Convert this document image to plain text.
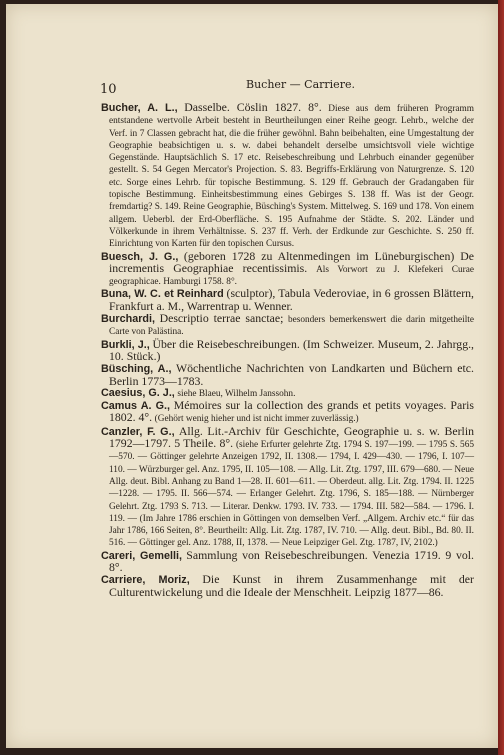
10	Bucher — Carriere.

Bucher, A. L., Dasselbe. Cöslin 1827. 8°. Diese aus dem früheren Programm entstandene wertvolle Arbeit besteht in Beurtheilungen einer Reihe geogr. Lehrb., welche der Verf. in 7 Classen gebracht hat, die die früher gewöhnl. Bahn beibehalten, eine Umgestaltung der Geographie beabsichtigen u. s. w. dabei behandelt derselbe umsichtsvoll viele wichtige Gegenstände. Hauptsächlich S. 17 etc. Reisebeschreibung und Lehrbuch einander gegenüber gestellt. S. 54 Gegen Mercator's Projection. S. 83. Begriffs-Erklärung von Naturgrenze. S. 120 etc. Sorge eines Lehrb. für topische Bestimmung. S. 129 ff. Gebrauch der Gradangaben für topische Bestimmung. Einheitsbestimmung eines Gebirges S. 138 ff. Was ist der Geogr. fremdartig? S. 149. Reine Geographie, Büsching's System. Mittelweg. S. 169 und 178. Von einem allgem. Ueberbl. der Erd-Oberfläche. S. 195 Aufnahme der Städte. S. 202. Länder und Völkerkunde in ihrem Verhältnisse. S. 237 ff. Verh. der Erdkunde zur Geschichte. S. 250 ff. Einrichtung von Karten für den topischen Cursus.

Buesch, J. G., (geboren 1728 zu Altenmedingen im Lüneburgischen) De incrementis Geographiae recentissimis. Als Vorwort zu J. Klefekeri Curae geographicae. Hamburgi 1758. 8°.

Buna, W. C. et Reinhard (sculptor), Tabula Vederoviae, in 6 grossen Blättern, Frankfurt a. M., Warrentrap u. Wenner.

Burchardi, Descriptio terrae sanctae; besonders bemerkenswert die darin mitgetheilte Carte von Palästina.

Burkli, J., Über die Reisebeschreibungen. (Im Schweizer. Museum, 2. Jahrgg., 10. Stück.)

Büsching, A., Wöchentliche Nachrichten von Landkarten und Büchern etc. Berlin 1773—1783.

Caesius, G. J., siehe Blaeu, Wilhelm Janssohn.

Camus A. G., Mémoires sur la collection des grands et petits voyages. Paris 1802. 4°. (Gehört wenig hieher und ist nicht immer zuverlässig.)

Canzler, F. G., Allg. Lit.-Archiv für Geschichte, Geographie u. s. w. Berlin 1792—1797. 5 Theile. 8°. (siehe Erfurter gelehrte Ztg. 1794 S. 197—199. — 1795 S. 565—570. — Göttinger gelehrte Anzeigen 1792, II. 1308.— 1794, I. 429—430. — 1796, I. 107—110. — Würzburger gel. Anz. 1795, II. 105—108. — Allg. Lit. Ztg. 1797, III. 679—680. — Neue Allg. deut. Bibl. Anhang zu Band 1—28. II. 601—611. — Oberdeut. allg. Lit. Ztg. 1794. II. 1225—1228. — 1795. II. 566—574. — Erlanger Gelehrt. Ztg. 1796, S. 185—188. — Nürnberger Gelehrt. Ztg. 1793 S. 713. — Literar. Denkw. 1793. IV. 733. — 1794. III. 582—584. — 1796. I. 119. — (Im Jahre 1786 erschien in Göttingen von demselben Verf. „Allgem. Archiv etc.“ für das Jahr 1786, 166 Seiten, 8°. Beurtheilt: Allg. Lit. Ztg. 1787, IV. 710. — Allg. deut. Bibl., Bd. 80. II. 516. — Göttinger gel. Anz. 1788, II, 1378. — Neue Leipziger Gel. Ztg. 1787, IV, 2102.)

Careri, Gemelli, Sammlung von Reisebeschreibungen. Venezia 1719. 9 vol. 8°.

Carriere, Moriz, Die Kunst in ihrem Zusammenhange mit der Culturentwickelung und die Ideale der Menschheit. Leipzig 1877—86.
